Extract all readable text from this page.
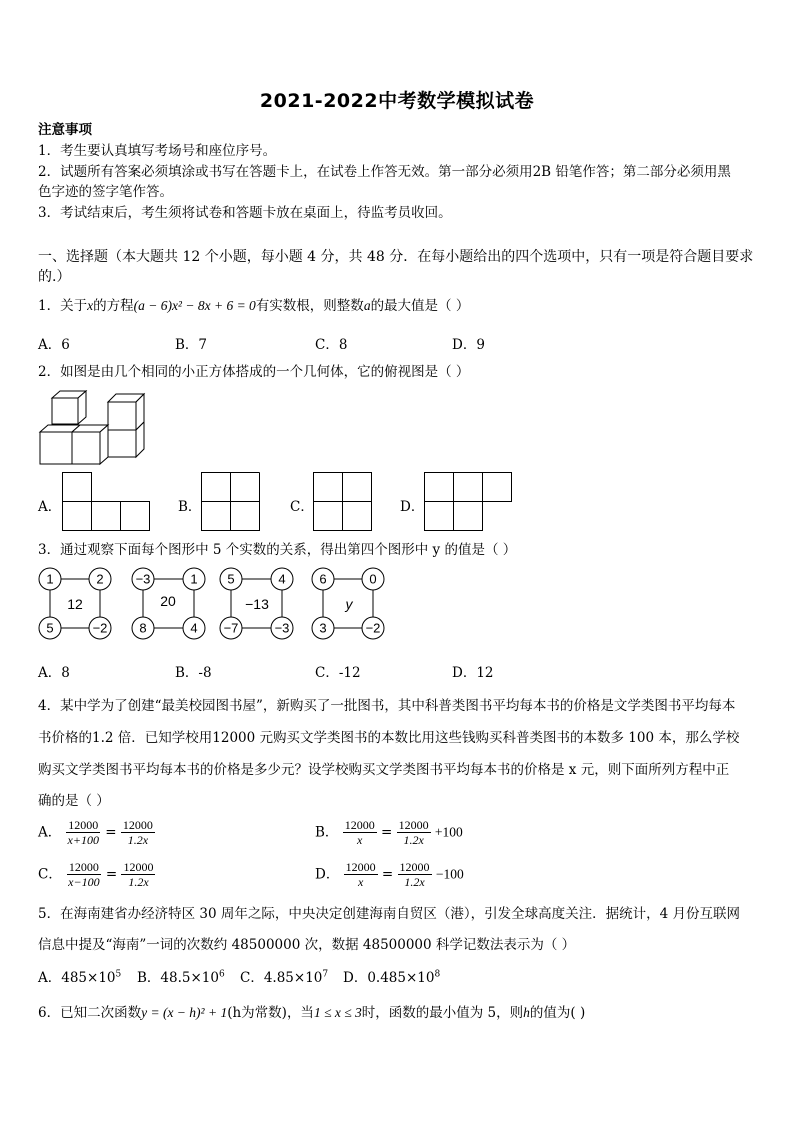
2021-2022中考数学模拟试卷
注意事项
1．考生要认真填写考场号和座位序号。
2．试题所有答案必须填涂或书写在答题卡上，在试卷上作答无效。第一部分必须用2B 铅笔作答；第二部分必须用黑
色字迹的签字笔作答。
3．考试结束后，考生须将试卷和答题卡放在桌面上，待监考员收回。
一、选择题（本大题共 12 个小题，每小题 4 分，共 48 分．在每小题给出的四个选项中，只有一项是符合题目要求
的.）
1．关于x的方程(a − 6)x² − 8x + 6 = 0有实数根，则整数a的最大值是（ ）
A．6	B．7	C．8	D．9
2．如图是由几个相同的小正方体搭成的一个几何体，它的俯视图是（ ）
A．	B．	C．	D．
3．通过观察下面每个图形中 5 个实数的关系，得出第四个图形中 y 的值是（ ）
1	2
5	−2
12
−3	1
8	4
20
5	4
−7	−3
−13
6	0
3	−2
y
A．8	B．-8	C．-12	D．12
4．某中学为了创建“最美校园图书屋”，新购买了一批图书，其中科普类图书平均每本书的价格是文学类图书平均每本
书价格的1.2 倍．已知学校用12000 元购买文学类图书的本数比用这些钱购买科普类图书的本数多 100 本，那么学校
购买文学类图书平均每本书的价格是多少元？设学校购买文学类图书平均每本书的价格是 x 元，则下面所列方程中正
确的是（ ）
A． $\frac{12000}{x+100} = \frac{12000}{1.2x}$	B． $\frac{12000}{x} = \frac{12000}{1.2x} +100$
C． $\frac{12000}{x-100} = \frac{12000}{1.2x}$	D． $\frac{12000}{x} = \frac{12000}{1.2x} -100$
5．在海南建省办经济特区 30 周年之际，中央决定创建海南自贸区（港），引发全球高度关注．据统计，4 月份互联网
信息中提及“海南”一词的次数约 48500000 次，数据 48500000 科学记数法表示为（ ）
A．$485\times 10^5$ B．$48.5\times 10^6$ C．$4.85\times 10^7$ D．$0.485\times 10^8$
6．已知二次函数y = (x − h)² + 1(h为常数)，当1 ≤ x ≤ 3时，函数的最小值为 5，则h的值为( )
